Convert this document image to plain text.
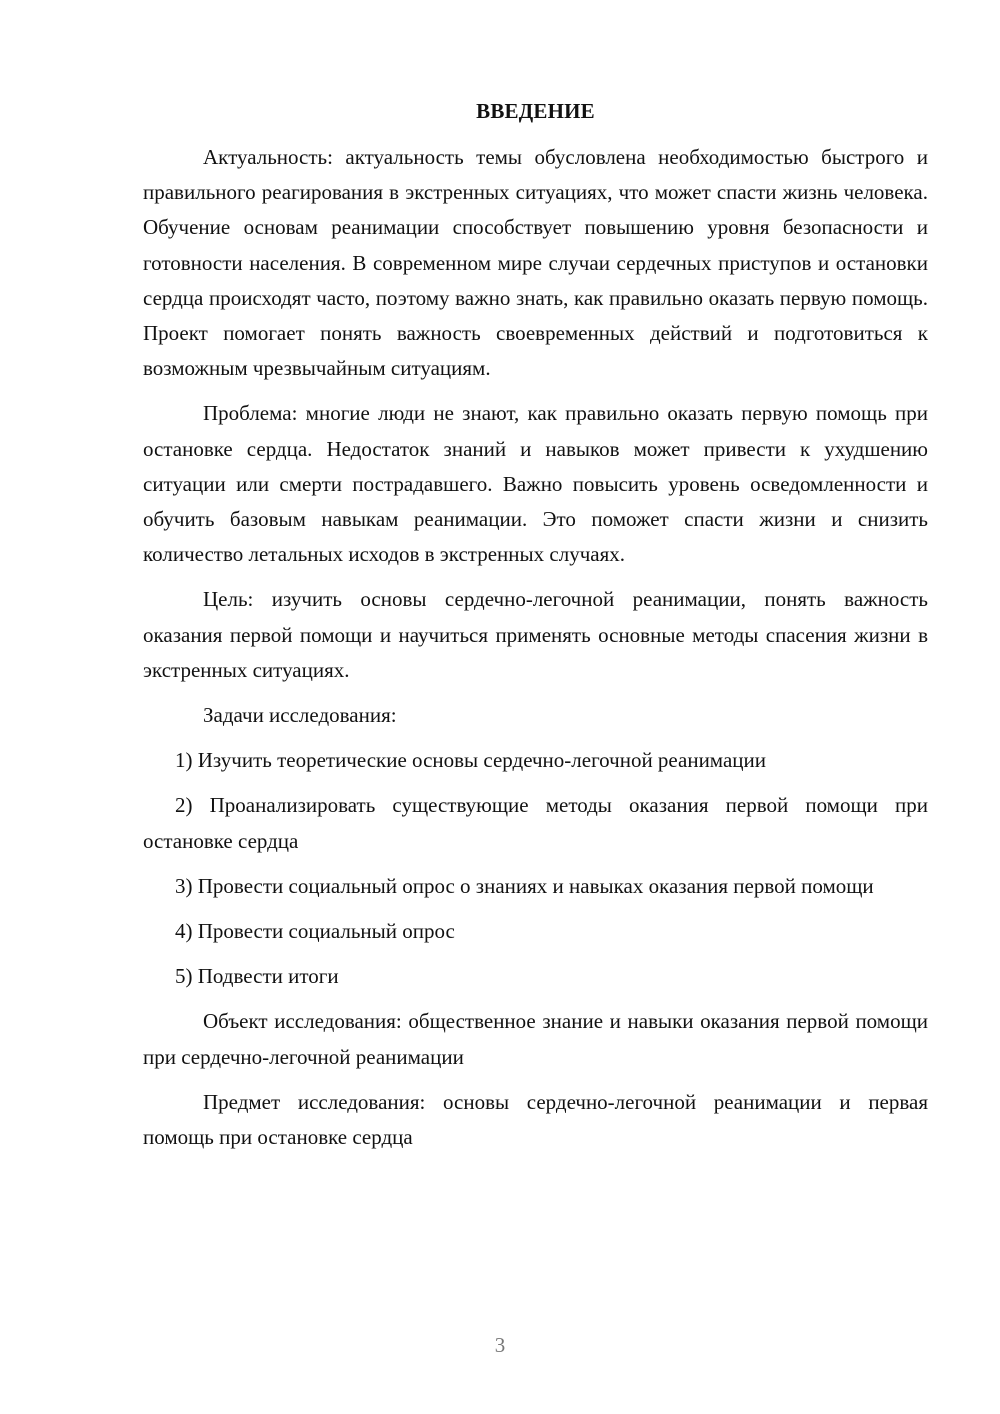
ВВЕДЕНИЕ

Актуальность: актуальность темы обусловлена необходимостью быстрого и правильного реагирования в экстренных ситуациях, что может спасти жизнь человека. Обучение основам реанимации способствует повышению уровня безопасности и готовности населения. В современном мире случаи сердечных приступов и остановки сердца происходят часто, поэтому важно знать, как правильно оказать первую помощь. Проект помогает понять важность своевременных действий и подготовиться к возможным чрезвычайным ситуациям.

Проблема: многие люди не знают, как правильно оказать первую помощь при остановке сердца. Недостаток знаний и навыков может привести к ухудшению ситуации или смерти пострадавшего. Важно повысить уровень осведомленности и обучить базовым навыкам реанимации. Это поможет спасти жизни и снизить количество летальных исходов в экстренных случаях.

Цель: изучить основы сердечно-легочной реанимации, понять важность оказания первой помощи и научиться применять основные методы спасения жизни в экстренных ситуациях.

Задачи исследования:

1) Изучить теоретические основы сердечно-легочной реанимации

2) Проанализировать существующие методы оказания первой помощи при остановке сердца

3) Провести социальный опрос о знаниях и навыках оказания первой помощи

4) Провести социальный опрос

5) Подвести итоги

Объект исследования: общественное знание и навыки оказания первой помощи при сердечно-легочной реанимации

Предмет исследования: основы сердечно-легочной реанимации и первая помощь при остановке сердца

3
